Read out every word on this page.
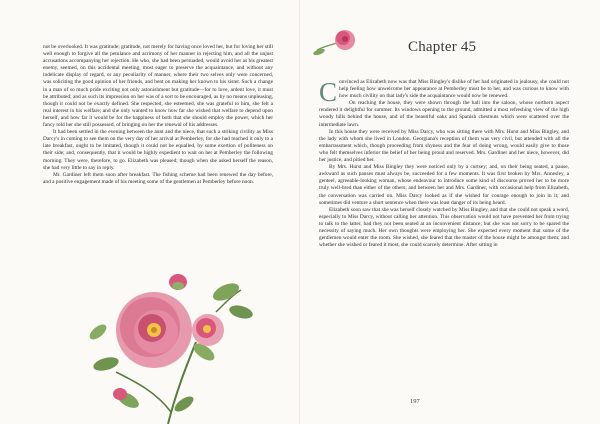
not be overlooked. It was gratitude; gratitude, not merely for having once loved her, but for loving her still well enough to forgive all the petulance and acrimony of her manner in rejecting him, and all the unjust accusations accompanying her rejection. He who, she had been persuaded, would avoid her as his greatest enemy, seemed, on this accidental meeting, most eager to preserve the acquaintance, and without any indelicate display of regard, or any peculiarity of manner, where their two selves only were concerned, was soliciting the good opinion of her friends, and bent on making her known to his sister. Such a change in a man of so much pride exciting not only astonishment but gratitude—for to love, ardent love, it must be attributed; and as such its impression on her was of a sort to be encouraged, as by no means unpleasing, though it could not be exactly defined. She respected, she esteemed, she was grateful to him, she felt a real interest in his welfare; and she only wanted to know how far she wished that welfare to depend upon herself, and how far it would be for the happiness of both that she should employ the power, which her fancy told her she still possessed, of bringing on her the renewal of his addresses.

It had been settled in the evening between the aunt and the niece, that such a striking civility as Miss Darcy's in coming to see them on the very day of her arrival at Pemberley, for she had reached it only to a late breakfast, ought to be imitated, though it could not be equalled, by some exertion of politeness on their side; and, consequently, that it would be highly expedient to wait on her at Pemberley the following morning. They were, therefore, to go. Elizabeth was pleased; though when she asked herself the reason, she had very little to say in reply.

Mr. Gardiner left them soon after breakfast. The fishing scheme had been renewed the day before, and a positive engagement made of his meeting some of the gentlemen at Pemberley before noon.

Chapter 45

Convinced as Elizabeth now was that Miss Bingley's dislike of her had originated in jealousy, she could not help feeling how unwelcome her appearance at Pemberley must be to her, and was curious to know with how much civility on that lady's side the acquaintance would now be renewed.

On reaching the house, they were shown through the hall into the saloon, whose northern aspect rendered it delightful for summer. Its windows opening to the ground, admitted a most refreshing view of the high woody hills behind the house, and of the beautiful oaks and Spanish chestnuts which were scattered over the intermediate lawn.

In this house they were received by Miss Darcy, who was sitting there with Mrs. Hurst and Miss Bingley, and the lady with whom she lived in London. Georgiana's reception of them was very civil, but attended with all the embarrassment which, though proceeding from shyness and the fear of doing wrong, would easily give to those who felt themselves inferior the belief of her being proud and reserved. Mrs. Gardiner and her niece, however, did her justice, and pitied her.

By Mrs. Hurst and Miss Bingley they were noticed only by a curtsey; and, on their being seated, a pause, awkward as such pauses must always be, succeeded for a few moments. It was first broken by Mrs. Annesley, a genteel, agreeable-looking woman, whose endeavour to introduce some kind of discourse proved her to be more truly well-bred than either of the others; and between her and Mrs. Gardiner, with occasional help from Elizabeth, the conversation was carried on. Miss Darcy looked as if she wished for courage enough to join in it; and sometimes did venture a short sentence when there was least danger of its being heard.

Elizabeth soon saw that she was herself closely watched by Miss Bingley, and that she could not speak a word, especially to Miss Darcy, without calling her attention. This observation would not have prevented her from trying to talk to the latter, had they not been seated at an inconvenient distance; but she was not sorry to be spared the necessity of saying much. Her own thoughts were employing her. She expected every moment that some of the gentlemen would enter the room. She wished, she feared that the master of the house might be amongst them; and whether she wished or feared it most, she could scarcely determine. After sitting in

197
